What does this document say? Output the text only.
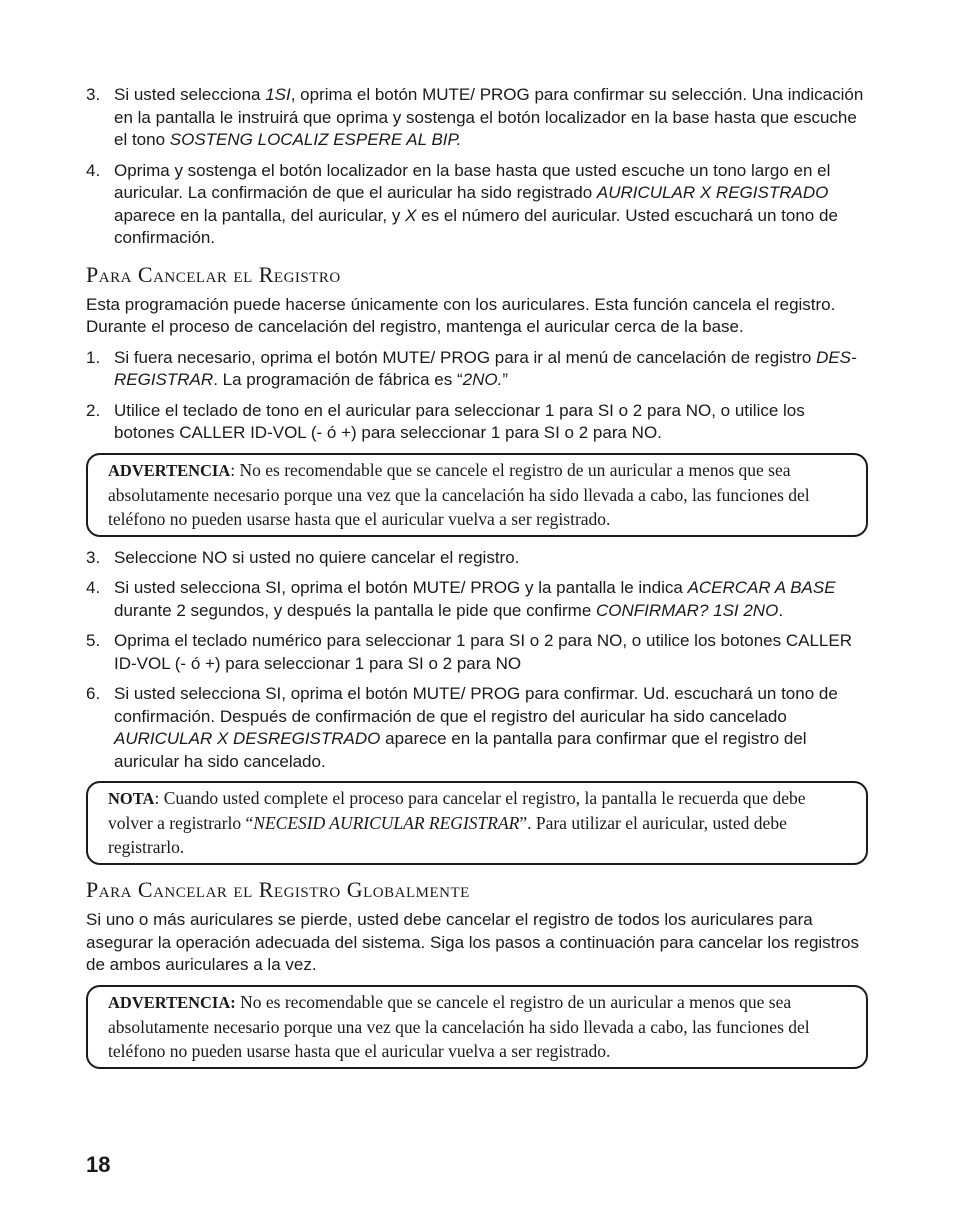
3. Si usted selecciona 1SI, oprima el botón MUTE/ PROG para confirmar su selección. Una indicación en la pantalla le instruirá que oprima y sostenga el botón localizador en la base hasta que escuche el tono SOSTENG LOCALIZ ESPERE AL BIP.
4. Oprima y sostenga el botón localizador en la base hasta que usted escuche un tono largo en el auricular. La confirmación de que el auricular ha sido registrado AURICULAR X REGISTRADO aparece en la pantalla, del auricular, y X es el número del auricular. Usted escuchará un tono de confirmación.
Para Cancelar el Registro
Esta programación puede hacerse únicamente con los auriculares. Esta función cancela el registro. Durante el proceso de cancelación del registro, mantenga el auricular cerca de la base.
1. Si fuera necesario, oprima el botón MUTE/ PROG para ir al menú de cancelación de registro DES-REGISTRAR. La programación de fábrica es “2NO.”
2. Utilice el teclado de tono en el auricular para seleccionar 1 para SI o 2 para NO, o utilice los botones CALLER ID-VOL (- ó +) para seleccionar 1 para SI o 2 para NO.
ADVERTENCIA: No es recomendable que se cancele el registro de un auricular a menos que sea absolutamente necesario porque una vez que la cancelación ha sido llevada a cabo, las funciones del teléfono no pueden usarse hasta que el auricular vuelva a ser registrado.
3. Seleccione NO si usted no quiere cancelar el registro.
4. Si usted selecciona SI, oprima el botón MUTE/ PROG y la pantalla le indica ACERCAR A BASE durante 2 segundos, y después la pantalla le pide que confirme CONFIRMAR? 1SI 2NO.
5. Oprima el teclado numérico para seleccionar 1 para SI o 2 para NO, o utilice los botones CALLER ID-VOL (- ó +) para seleccionar 1 para SI o 2 para NO
6. Si usted selecciona SI, oprima el botón MUTE/ PROG para confirmar. Ud. escuchará un tono de confirmación. Después de confirmación de que el registro del auricular ha sido cancelado AURICULAR X DESREGISTRADO aparece en la pantalla para confirmar que el registro del auricular ha sido cancelado.
NOTA: Cuando usted complete el proceso para cancelar el registro, la pantalla le recuerda que debe volver a registrarlo “NECESID AURICULAR REGISTRAR”. Para utilizar el auricular, usted debe registrarlo.
Para Cancelar el Registro Globalmente
Si uno o más auriculares se pierde, usted debe cancelar el registro de todos los auriculares para asegurar la operación adecuada del sistema. Siga los pasos a continuación para cancelar los registros de ambos auriculares a la vez.
ADVERTENCIA: No es recomendable que se cancele el registro de un auricular a menos que sea absolutamente necesario porque una vez que la cancelación ha sido llevada a cabo, las funciones del teléfono no pueden usarse hasta que el auricular vuelva a ser registrado.
18
